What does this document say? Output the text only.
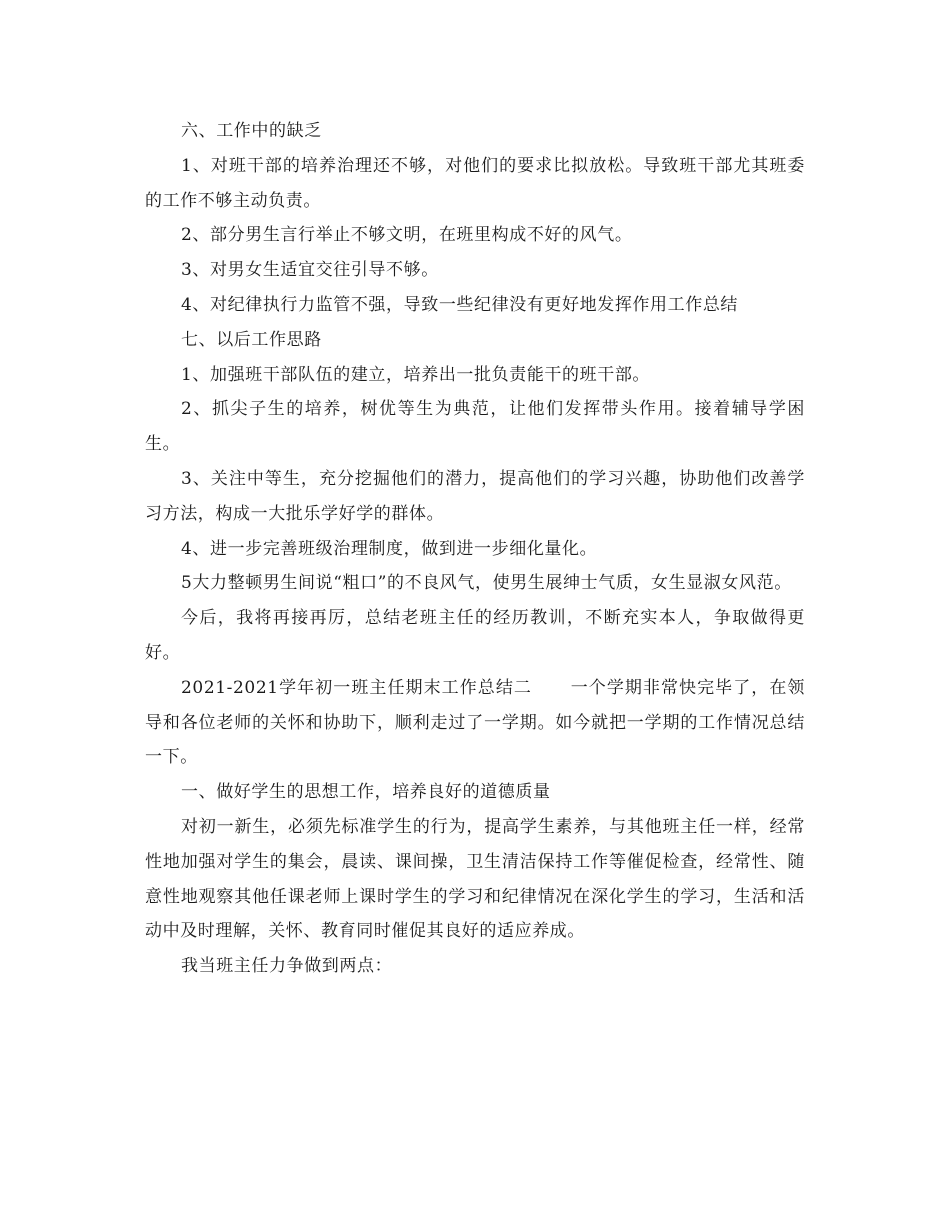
六、工作中的缺乏

1、对班干部的培养治理还不够，对他们的要求比拟放松。导致班干部尤其班委的工作不够主动负责。

2、部分男生言行举止不够文明，在班里构成不好的风气。

3、对男女生适宜交往引导不够。

4、对纪律执行力监管不强，导致一些纪律没有更好地发挥作用工作总结

七、以后工作思路

1、加强班干部队伍的建立，培养出一批负责能干的班干部。

2、抓尖子生的培养，树优等生为典范，让他们发挥带头作用。接着辅导学困生。

3、关注中等生，充分挖掘他们的潜力，提高他们的学习兴趣，协助他们改善学习方法，构成一大批乐学好学的群体。

4、进一步完善班级治理制度，做到进一步细化量化。

5大力整顿男生间说“粗口”的不良风气，使男生展绅士气质，女生显淑女风范。

今后，我将再接再厉，总结老班主任的经历教训，不断充实本人，争取做得更好。

2021-2021学年初一班主任期末工作总结二      一个学期非常快完毕了，在领导和各位老师的关怀和协助下，顺利走过了一学期。如今就把一学期的工作情况总结一下。

一、做好学生的思想工作，培养良好的道德质量

对初一新生，必须先标准学生的行为，提高学生素养，与其他班主任一样，经常性地加强对学生的集会，晨读、课间操，卫生清洁保持工作等催促检查，经常性、随意性地观察其他任课老师上课时学生的学习和纪律情况在深化学生的学习，生活和活动中及时理解，关怀、教育同时催促其良好的适应养成。

我当班主任力争做到两点：
